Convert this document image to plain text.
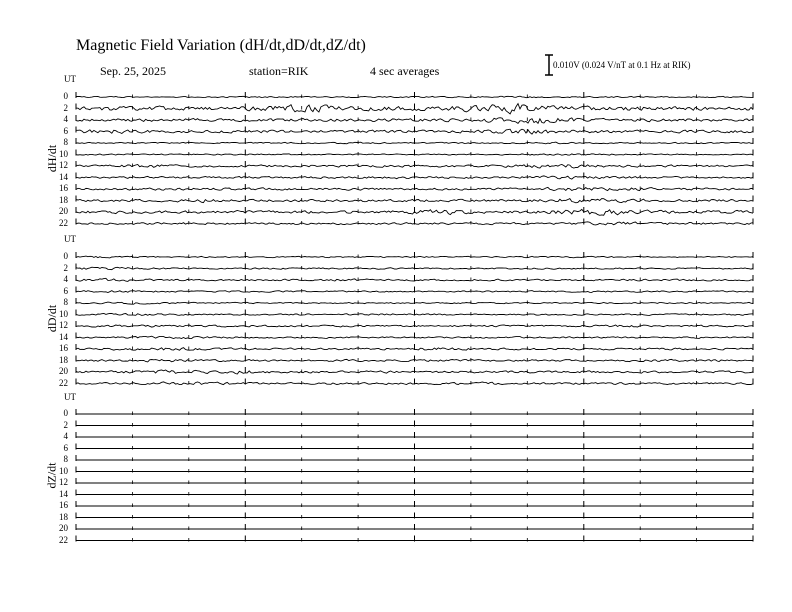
Magnetic Field Variation (dH/dt,dD/dt,dZ/dt)
Sep. 25, 2025	station=RIK	4 sec averages	0.010V (0.024 V/nT at 0.1 Hz at RIK)
UT
dH/dt
0
2
4
6
8
10
12
14
16
18
20
22
UT
dD/dt
0
2
4
6
8
10
12
14
16
18
20
22
UT
dZ/dt
0
2
4
6
8
10
12
14
16
18
20
22
